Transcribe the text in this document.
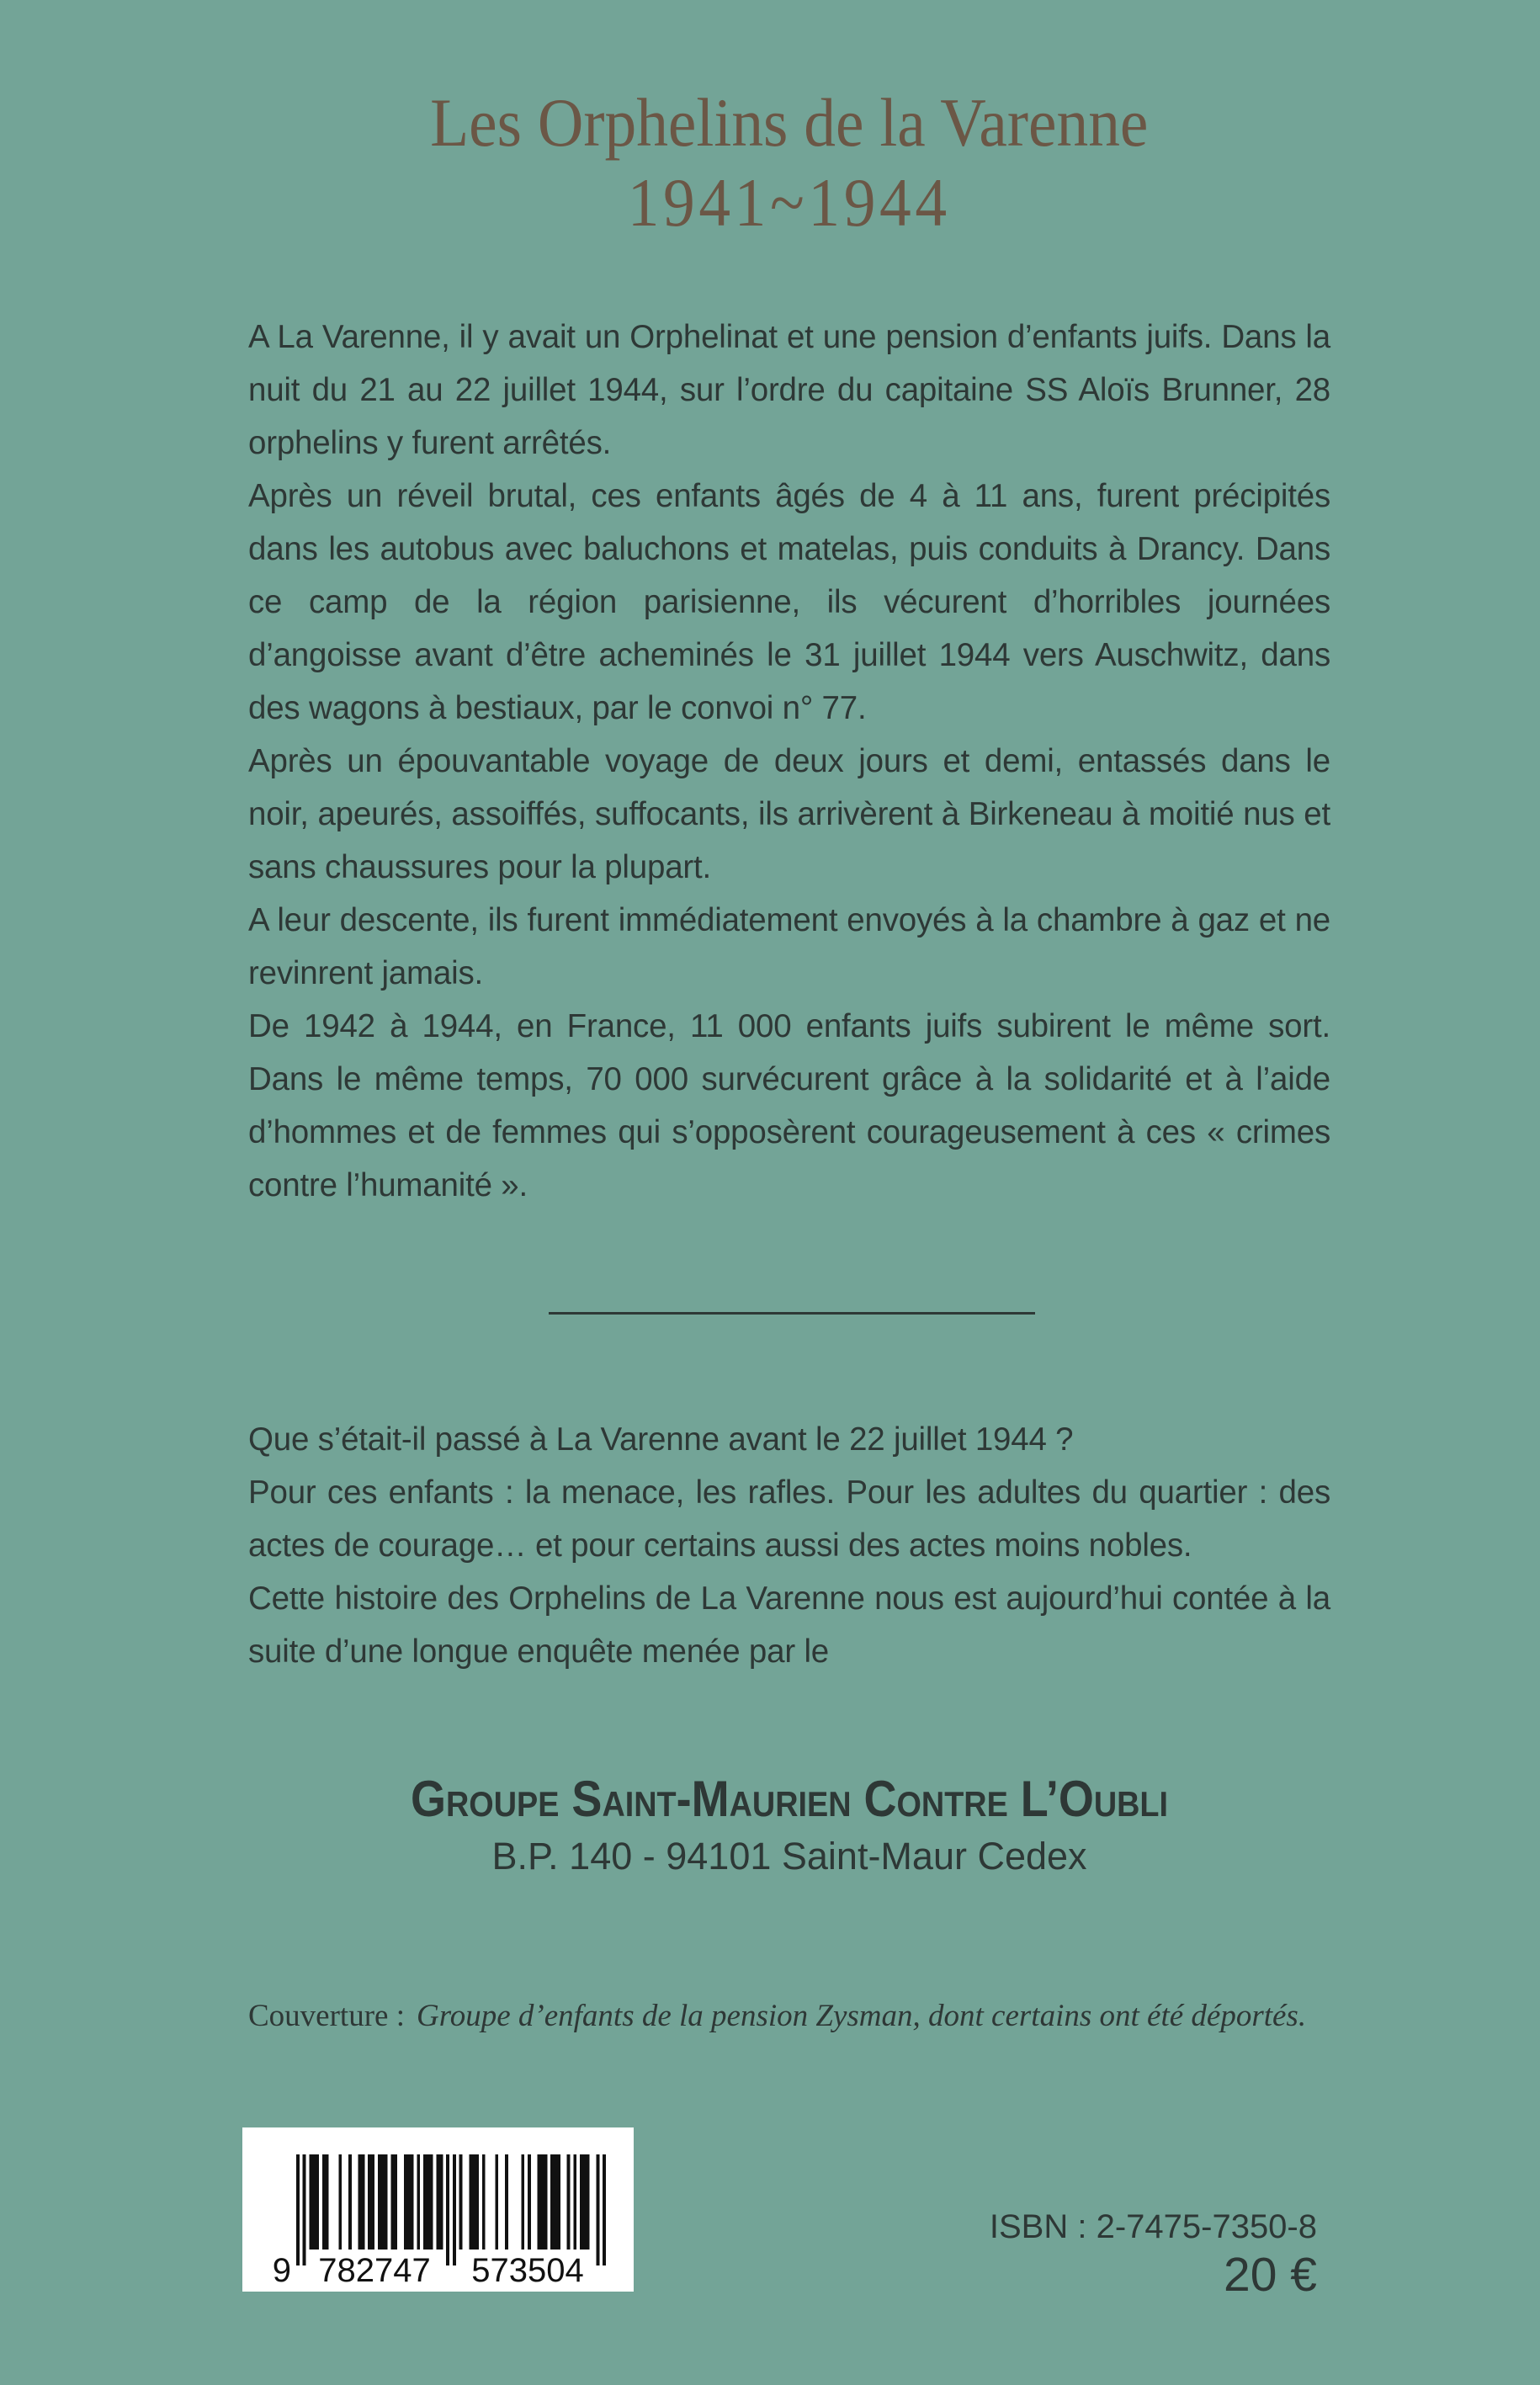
Les Orphelins de la Varenne
1941~1944

A La Varenne, il y avait un Orphelinat et une pension d’enfants juifs. Dans la nuit du 21 au 22 juillet 1944, sur l’ordre du capitaine SS Aloïs Brunner, 28 orphelins y furent arrêtés.

Après un réveil brutal, ces enfants âgés de 4 à 11 ans, furent précipités dans les autobus avec baluchons et matelas, puis conduits à Drancy. Dans ce camp de la région parisienne, ils vécurent d’horribles journées d’angoisse avant d’être acheminés le 31 juillet 1944 vers Auschwitz, dans des wagons à bestiaux, par le convoi n° 77.

Après un épouvantable voyage de deux jours et demi, entassés dans le noir, apeurés, assoiffés, suffocants, ils arrivèrent à Birkeneau à moitié nus et sans chaussures pour la plupart.

A leur descente, ils furent immédiatement envoyés à la chambre à gaz et ne revinrent jamais.

De 1942 à 1944, en France, 11 000 enfants juifs subirent le même sort. Dans le même temps, 70 000 survécurent grâce à la solidarité et à l’aide d’hommes et de femmes qui s’opposèrent courageusement à ces « crimes contre l’humanité ».

Que s’était-il passé à La Varenne avant le 22 juillet 1944 ?

Pour ces enfants : la menace, les rafles. Pour les adultes du quartier : des actes de courage… et pour certains aussi des actes moins nobles.

Cette histoire des Orphelins de La Varenne nous est aujourd’hui contée à la suite d’une longue enquête menée par le

Groupe Saint-Maurien Contre L’Oubli
B.P. 140 - 94101 Saint-Maur Cedex
Couverture : Groupe d’enfants de la pension Zysman, dont certains ont été déportés.
9 782747	573504
ISBN : 2-7475-7350-8
20 €
